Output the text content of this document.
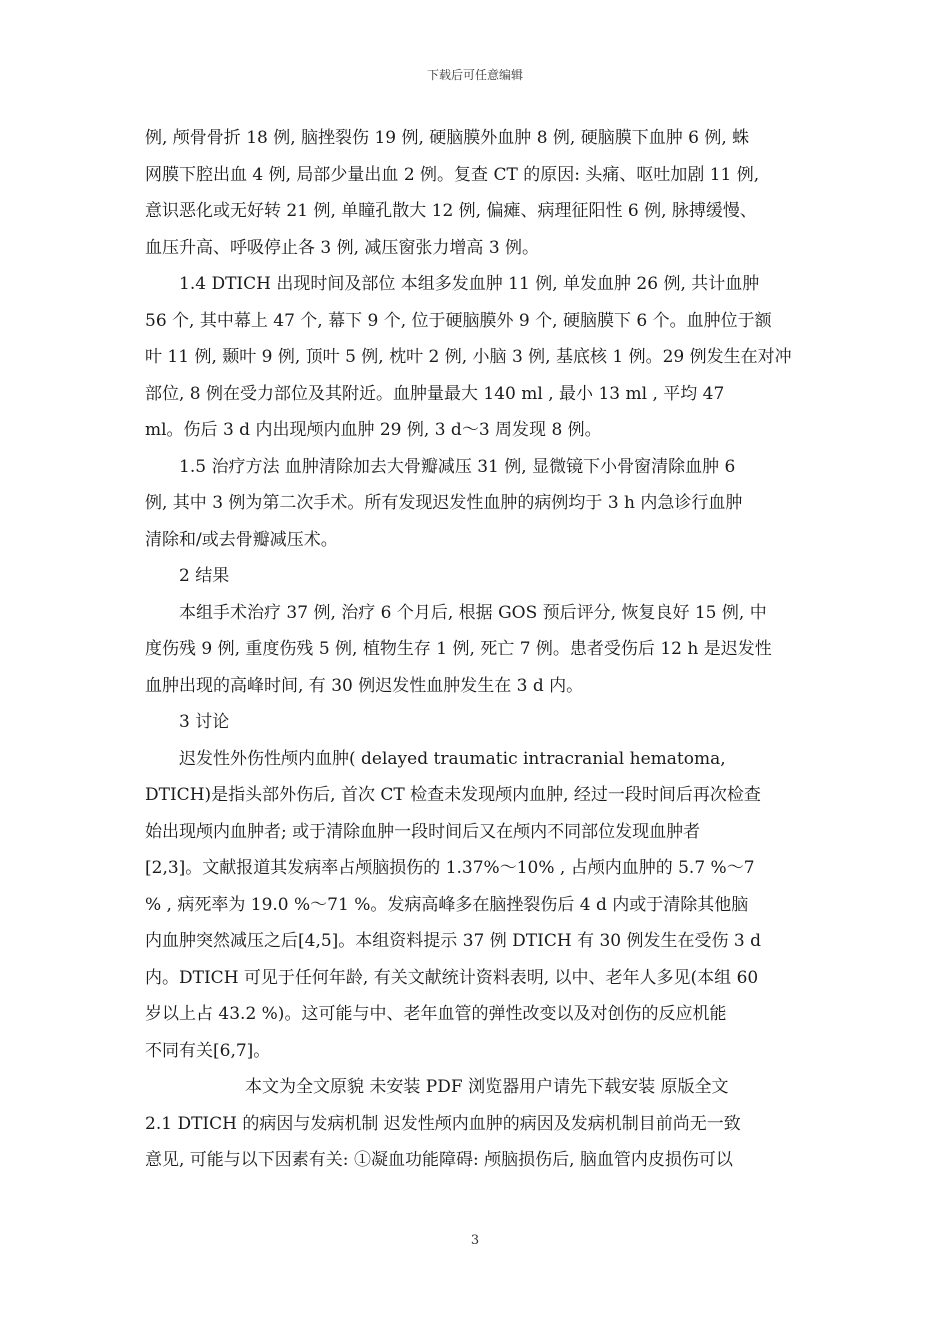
下载后可任意编辑

例, 颅骨骨折 18 例, 脑挫裂伤 19 例, 硬脑膜外血肿 8 例, 硬脑膜下血肿 6 例, 蛛

网膜下腔出血 4 例, 局部少量出血 2 例。复查 CT 的原因: 头痛、呕吐加剧 11 例,

意识恶化或无好转 21 例, 单瞳孔散大 12 例, 偏瘫、病理征阳性 6 例, 脉搏缓慢、

血压升高、呼吸停止各 3 例, 减压窗张力增高 3 例。

1.4 DTICH 出现时间及部位 本组多发血肿 11 例, 单发血肿 26 例, 共计血肿

56 个, 其中幕上 47 个, 幕下 9 个, 位于硬脑膜外 9 个, 硬脑膜下 6 个。血肿位于额

叶 11 例, 颞叶 9 例, 顶叶 5 例, 枕叶 2 例, 小脑 3 例, 基底核 1 例。29 例发生在对冲

部位, 8 例在受力部位及其附近。血肿量最大 140 ml , 最小 13 ml , 平均 47

ml。伤后 3 d 内出现颅内血肿 29 例, 3 d～3 周发现 8 例。

1.5 治疗方法 血肿清除加去大骨瓣减压 31 例, 显微镜下小骨窗清除血肿 6

例, 其中 3 例为第二次手术。所有发现迟发性血肿的病例均于 3 h 内急诊行血肿

清除和/或去骨瓣减压术。

2 结果

本组手术治疗 37 例, 治疗 6 个月后, 根据 GOS 预后评分, 恢复良好 15 例, 中

度伤残 9 例, 重度伤残 5 例, 植物生存 1 例, 死亡 7 例。患者受伤后 12 h 是迟发性

血肿出现的高峰时间, 有 30 例迟发性血肿发生在 3 d 内。

3 讨论

迟发性外伤性颅内血肿( delayed traumatic intracranial hematoma,

DTICH)是指头部外伤后, 首次 CT 检查未发现颅内血肿, 经过一段时间后再次检查

始出现颅内血肿者; 或于清除血肿一段时间后又在颅内不同部位发现血肿者

[2,3]。文献报道其发病率占颅脑损伤的 1.37%～10% , 占颅内血肿的 5.7 %～7

% , 病死率为 19.0 %～71 %。发病高峰多在脑挫裂伤后 4 d 内或于清除其他脑

内血肿突然减压之后[4,5]。本组资料提示 37 例 DTICH 有 30 例发生在受伤 3 d

内。DTICH 可见于任何年龄, 有关文献统计资料表明, 以中、老年人多见(本组 60

岁以上占 43.2 %)。这可能与中、老年血管的弹性改变以及对创伤的反应机能

不同有关[6,7]。

本文为全文原貌 未安装 PDF 浏览器用户请先下载安装 原版全文

2.1 DTICH 的病因与发病机制 迟发性颅内血肿的病因及发病机制目前尚无一致

意见, 可能与以下因素有关: ①凝血功能障碍: 颅脑损伤后, 脑血管内皮损伤可以

3
